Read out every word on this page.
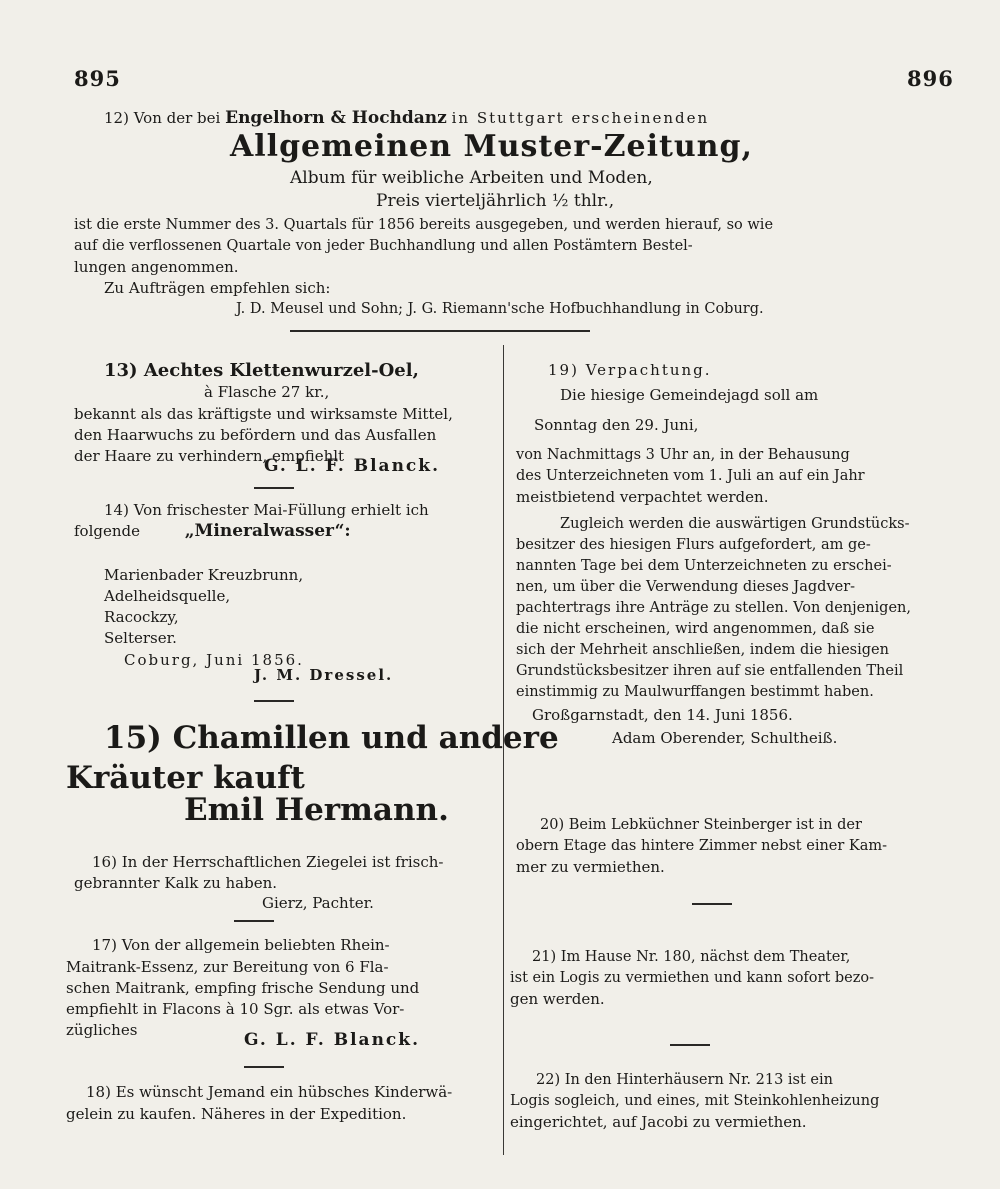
895	896
12) Von der bei Engelhorn & Hochdanz in Stuttgart erscheinenden
Allgemeinen Muster-Zeitung,
Album für weibliche Arbeiten und Moden,
Preis vierteljährlich ½ thlr.,
ist die erste Nummer des 3. Quartals für 1856 bereits ausgegeben, und werden hierauf, so wie
auf die verflossenen Quartale von jeder Buchhandlung und allen Postämtern Bestel-
lungen angenommen.
Zu Aufträgen empfehlen sich:
J. D. Meusel und Sohn; J. G. Riemann'sche Hofbuchhandlung in Coburg.
13) Aechtes Klettenwurzel-Oel,
à Flasche 27 kr.,
bekannt als das kräftigste und wirksamste Mittel,
den Haarwuchs zu befördern und das Ausfallen
der Haare zu verhindern, empfiehlt
G. L. F. Blanck.
14) Von frischester Mai-Füllung erhielt ich
folgende	„Mineralwasser“:
Marienbader Kreuzbrunn,
Adelheidsquelle,
Racockzy,
Selterser.
Coburg, Juni 1856.
J. M. Dressel.
15) Chamillen und andere
Kräuter kauft
Emil Hermann.
16) In der Herrschaftlichen Ziegelei ist frisch-
gebrannter Kalk zu haben.
Gierz, Pachter.
17) Von der allgemein beliebten Rhein-
Maitrank-Essenz, zur Bereitung von 6 Fla-
schen Maitrank, empfing frische Sendung und
empfiehlt in Flacons à 10 Sgr. als etwas Vor-
zügliches	G. L. F. Blanck.
18) Es wünscht Jemand ein hübsches Kinderwä-
gelein zu kaufen. Näheres in der Expedition.
19) Verpachtung.
Die hiesige Gemeindejagd soll am
Sonntag den 29. Juni,
von Nachmittags 3 Uhr an, in der Behausung
des Unterzeichneten vom 1. Juli an auf ein Jahr
meistbietend verpachtet werden.
Zugleich werden die auswärtigen Grundstücks-
besitzer des hiesigen Flurs aufgefordert, am ge-
nannten Tage bei dem Unterzeichneten zu erschei-
nen, um über die Verwendung dieses Jagdver-
pachtertrags ihre Anträge zu stellen. Von denjenigen,
die nicht erscheinen, wird angenommen, daß sie
sich der Mehrheit anschließen, indem die hiesigen
Grundstücksbesitzer ihren auf sie entfallenden Theil
einstimmig zu Maulwurffangen bestimmt haben.
Großgarnstadt, den 14. Juni 1856.
Adam Oberender, Schultheiß.
20) Beim Lebküchner Steinberger ist in der
obern Etage das hintere Zimmer nebst einer Kam-
mer zu vermiethen.
21) Im Hause Nr. 180, nächst dem Theater,
ist ein Logis zu vermiethen und kann sofort bezo-
gen werden.
22) In den Hinterhäusern Nr. 213 ist ein
Logis sogleich, und eines, mit Steinkohlenheizung
eingerichtet, auf Jacobi zu vermiethen.
